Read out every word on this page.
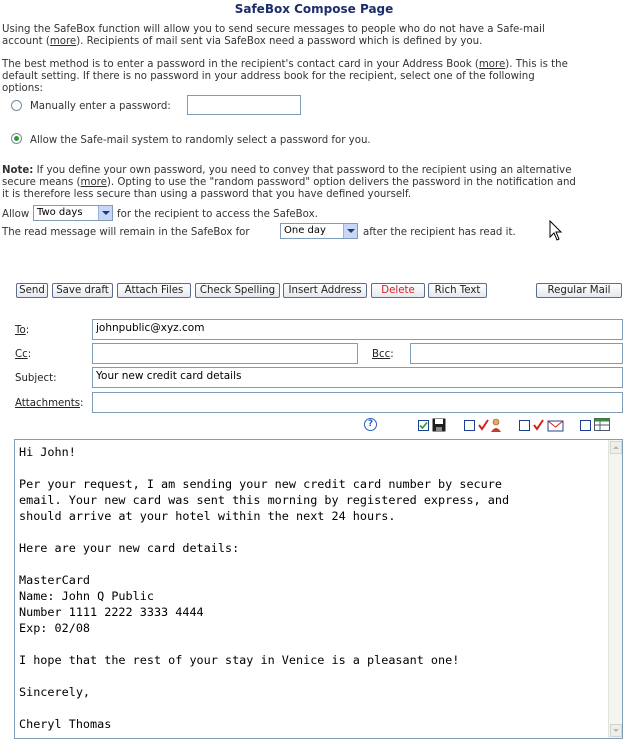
SafeBox Compose Page
Using the SafeBox function will allow you to send secure messages to people who do not have a Safe-mail
account (more). Recipients of mail sent via SafeBox need a password which is defined by you.
The best method is to enter a password in the recipient's contact card in your Address Book (more). This is the
default setting. If there is no password in your address book for the recipient, select one of the following
options:
Manually enter a password:
Allow the Safe-mail system to randomly select a password for you.
Note: If you define your own password, you need to convey that password to the recipient using an alternative
secure means (more). Opting to use the "random password" option delivers the password in the notification and
it is therefore less secure than using a password that you have defined yourself.
Allow Two days	for the recipient to access the SafeBox.
The read message will remain in the SafeBox for	One day	after the recipient has read it.
Send	Save draft	Attach Files	Check Spelling	Insert Address	Delete	Rich Text	Regular Mail
To:	johnpublic@xyz.com
Cc:	Bcc:
Subject:	Your new credit card details
Attachments:
?
Hi John!

Per your request, I am sending your new credit card number by secure
email. Your new card was sent this morning by registered express, and
should arrive at your hotel within the next 24 hours.

Here are your new card details:

MasterCard
Name: John Q Public
Number 1111 2222 3333 4444
Exp: 02/08

I hope that the rest of your stay in Venice is a pleasant one!

Sincerely,

Cheryl Thomas
